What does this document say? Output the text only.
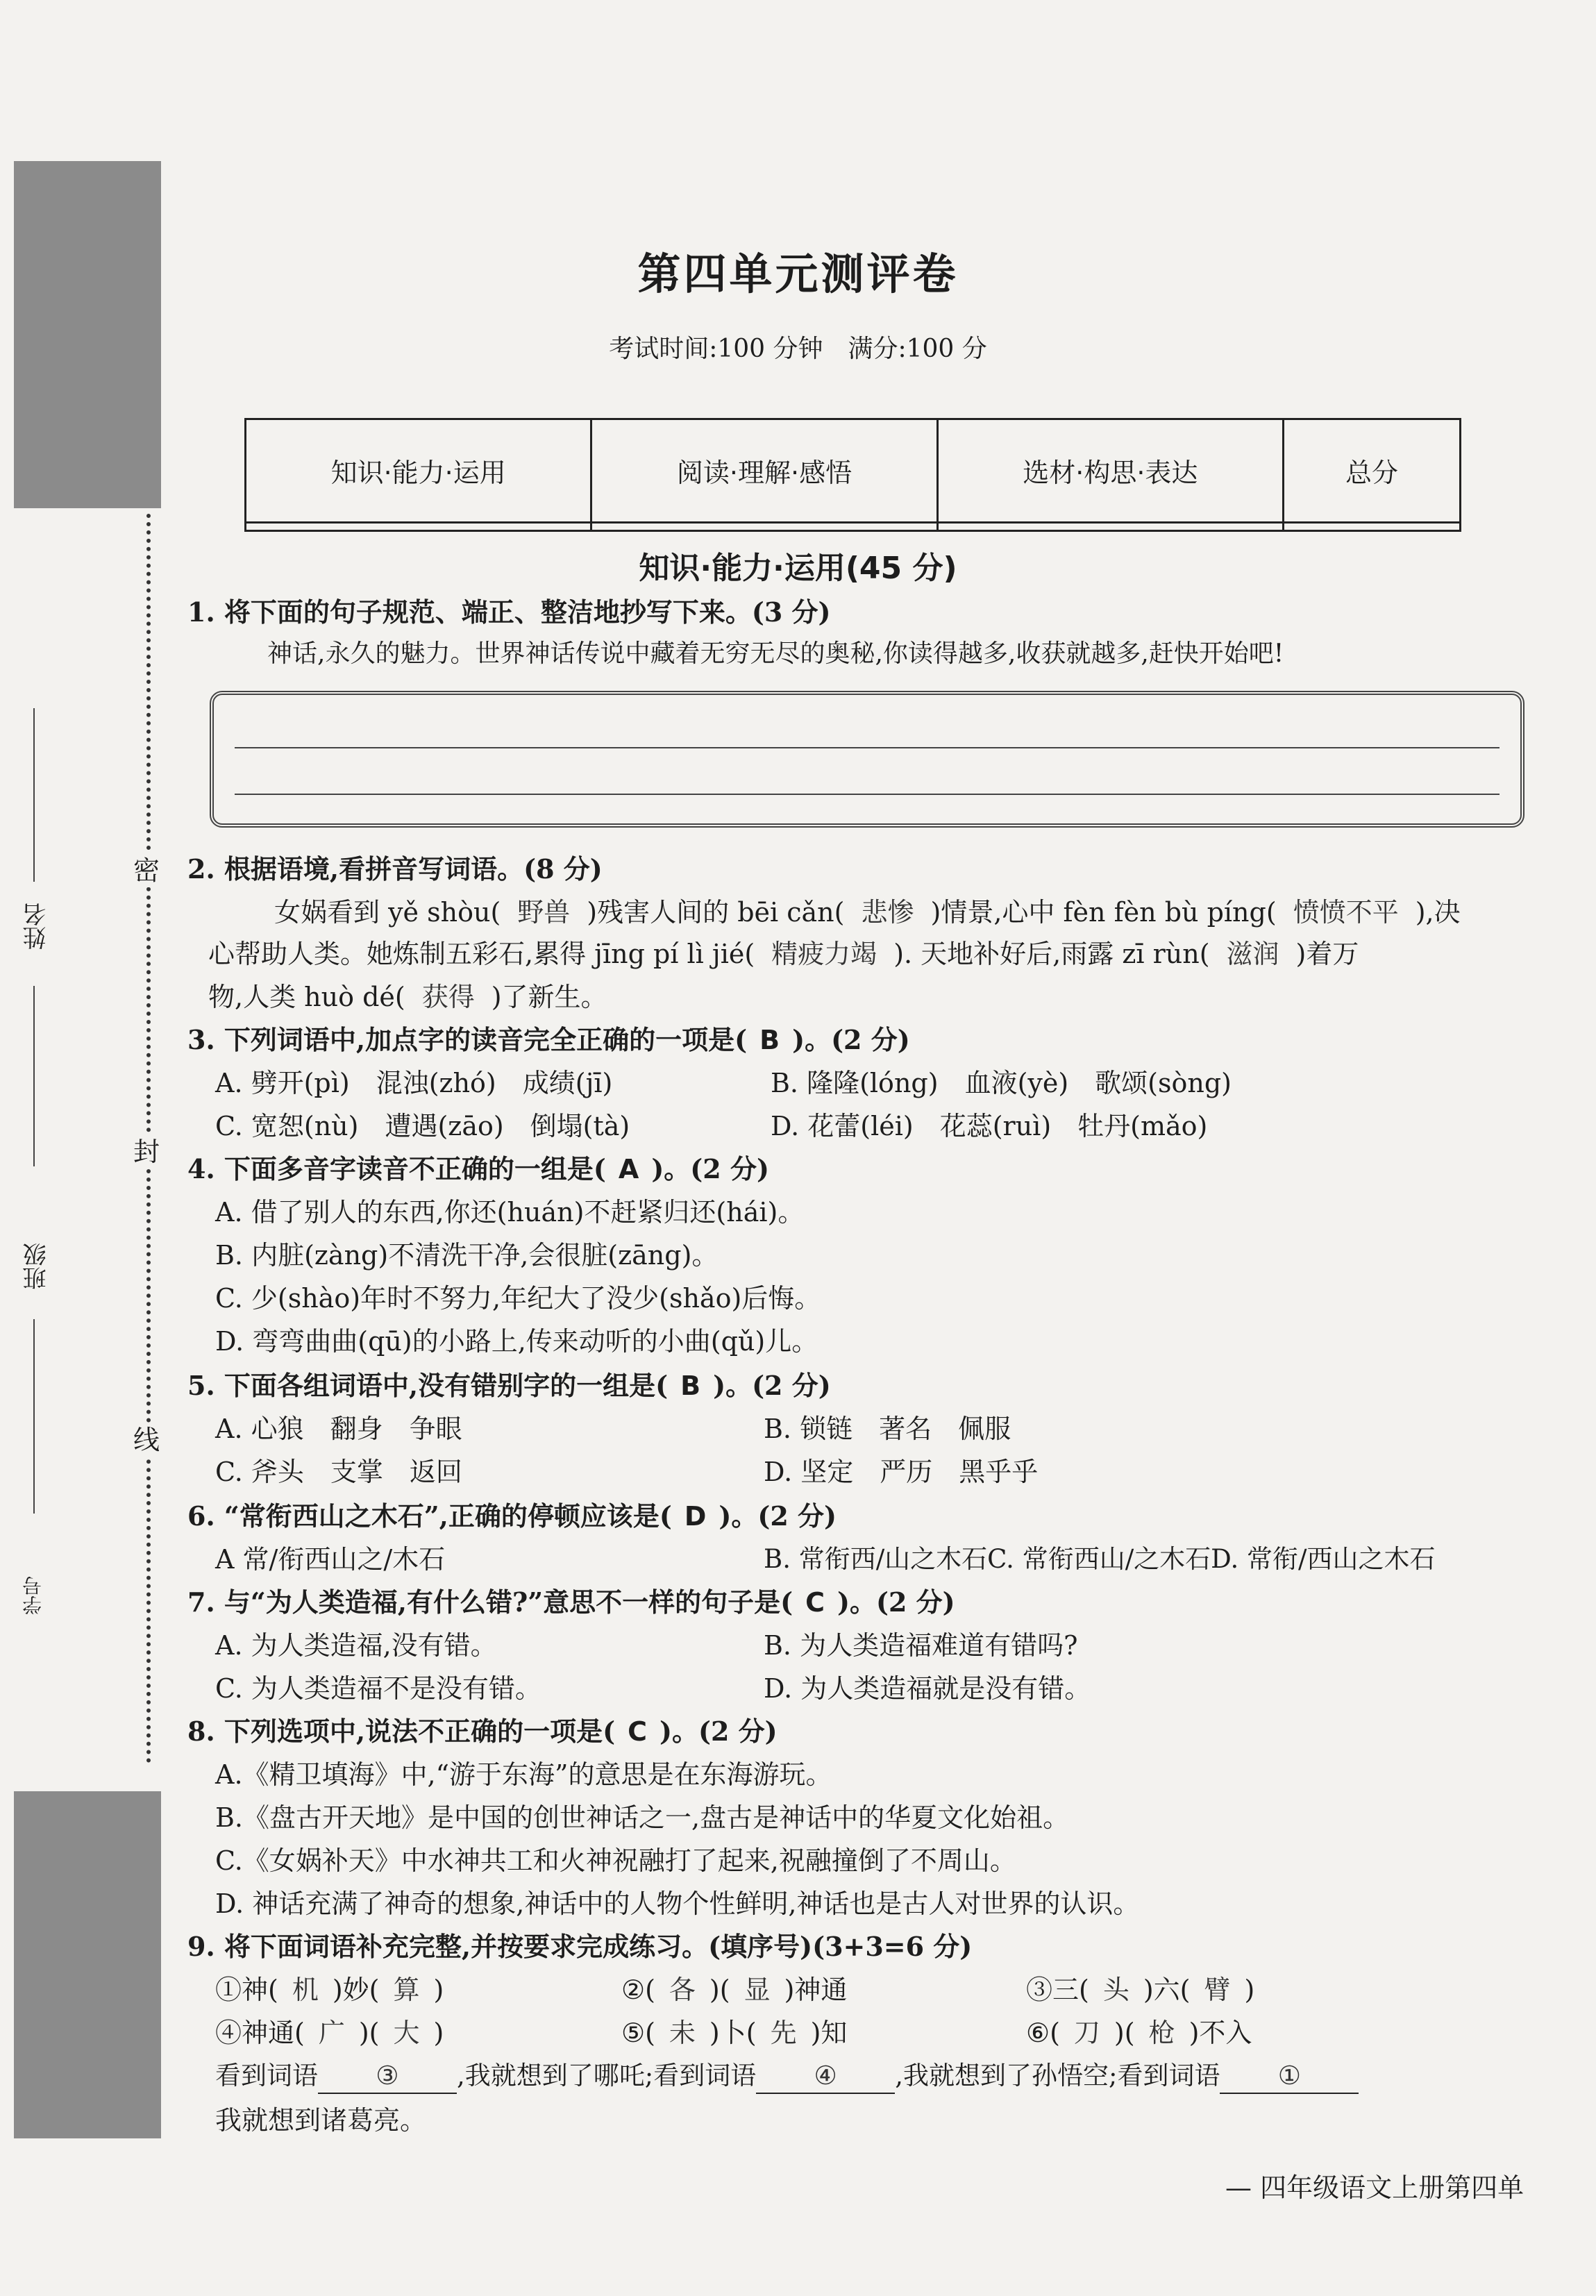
密
封
线
姓名
班级
学号
第四单元测评卷
考试时间:100 分钟　满分:100 分
知识·能力·运用	阅读·理解·感悟	选材·构思·表达	总分

知识·能力·运用(45 分)
1. 将下面的句子规范、端正、整洁地抄写下来。(3 分)
神话,永久的魅力。世界神话传说中藏着无穷无尽的奥秘,你读得越多,收获就越多,赶快开始吧!
2. 根据语境,看拼音写词语。(8 分)
女娲看到 yě shòu( 野兽 )残害人间的 bēi cǎn( 悲惨 )情景,心中 fèn fèn bù píng( 愤愤不平 ),决
心帮助人类。她炼制五彩石,累得 jīng pí lì jié( 精疲力竭 ). 天地补好后,雨露 zī rùn( 滋润 )着万
物,人类 huò dé( 获得 )了新生。
3. 下列词语中,加点字的读音完全正确的一项是( B )。(2 分)
A. 劈开(pì)　混浊(zhó)　成绩(jī)	B. 隆隆(lóng)　血液(yè)　歌颂(sòng)
C. 宽恕(nù)　遭遇(zāo)　倒塌(tà)	D. 花蕾(léi)　花蕊(ruì)　牡丹(mǎo)
4. 下面多音字读音不正确的一组是( A )。(2 分)
A. 借了别人的东西,你还(huán)不赶紧归还(hái)。
B. 内脏(zàng)不清洗干净,会很脏(zāng)。
C. 少(shào)年时不努力,年纪大了没少(shǎo)后悔。
D. 弯弯曲曲(qū)的小路上,传来动听的小曲(qǔ)儿。
5. 下面各组词语中,没有错别字的一组是( B )。(2 分)
A. 心狼　翻身　争眼	B. 锁链　著名　佩服
C. 斧头　支掌　返回	D. 坚定　严历　黑乎乎
6. “常衔西山之木石”,正确的停顿应该是( D )。(2 分)
A 常/衔西山之/木石	B. 常衔西/山之木石C. 常衔西山/之木石D. 常衔/西山之木石
7. 与“为人类造福,有什么错?”意思不一样的句子是( C )。(2 分)
A. 为人类造福,没有错。	B. 为人类造福难道有错吗?
C. 为人类造福不是没有错。	D. 为人类造福就是没有错。
8. 下列选项中,说法不正确的一项是( C )。(2 分)
A.《精卫填海》中,“游于东海”的意思是在东海游玩。
B.《盘古开天地》是中国的创世神话之一,盘古是神话中的华夏文化始祖。
C.《女娲补天》中水神共工和火神祝融打了起来,祝融撞倒了不周山。
D. 神话充满了神奇的想象,神话中的人物个性鲜明,神话也是古人对世界的认识。
9. 将下面词语补充完整,并按要求完成练习。(填序号)(3+3=6 分)
①神( 机 )妙( 算 )	②( 各 )( 显 )神通	③三( 头 )六( 臂 )
④神通( 广 )( 大 )	⑤( 未 )卜( 先 )知	⑥( 刀 )( 枪 )不入
看到词语 ③ ,我就想到了哪吒;看到词语 ④ ,我就想到了孙悟空;看到词语 ①
我就想到诸葛亮。
— 四年级语文上册第四单
